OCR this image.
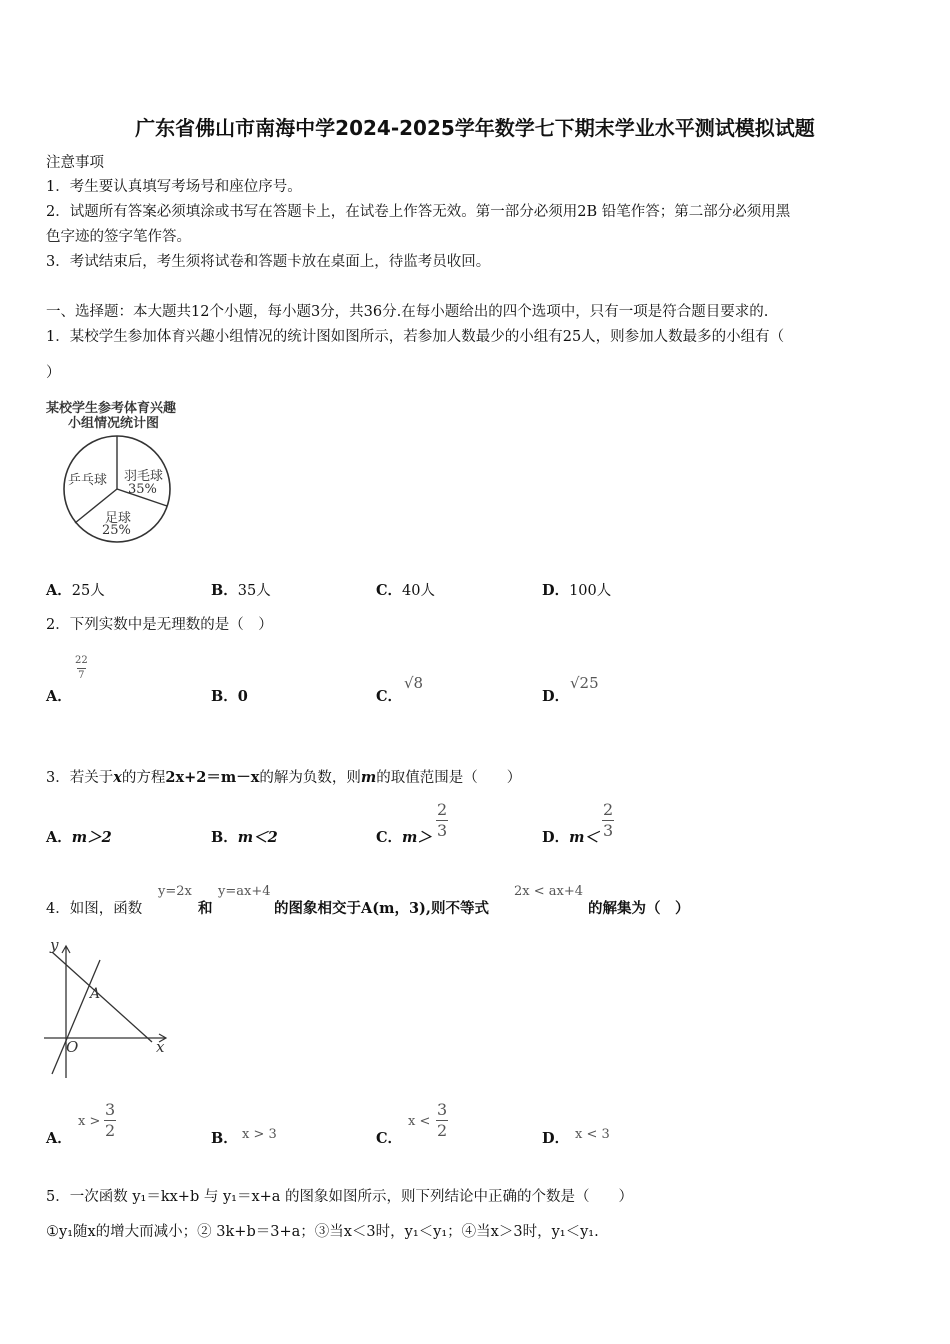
广东省佛山市南海中学2024-2025学年数学七下期末学业水平测试模拟试题
注意事项
1．考生要认真填写考场号和座位序号。
2．试题所有答案必须填涂或书写在答题卡上，在试卷上作答无效。第一部分必须用2B 铅笔作答；第二部分必须用黑
色字迹的签字笔作答。
3．考试结束后，考生须将试卷和答题卡放在桌面上，待监考员收回。
一、选择题：本大题共12个小题，每小题3分，共36分.在每小题给出的四个选项中，只有一项是符合题目要求的.
1．某校学生参加体育兴趣小组情况的统计图如图所示，若参加人数最少的小组有25人，则参加人数最多的小组有（
）
某校学生参考体育兴趣
小组情况统计图
乒乓球 羽毛球
35%
足球
25%
A．25人	B．35人	C．40人	D．100人
2．下列实数中是无理数的是（　）
$\frac{22}{7}$
A．	B．0	C．
√8
D．
√25
3．若关于x的方程2x+2＝m－x的解为负数，则m的取值范围是（　　）
A．m＞2	B．m＜2	C．$m> \frac{2}{3}$	D．$m< \frac{2}{3}$
4．如图，函数
y=2x
和
y=ax+4
的图象相交于A(m，3),则不等式
2x < ax+4
的解集为（　）
y
x
A
O
A．
$x > \frac{3}{2}$	B． x > 3	C．
$x < \frac{3}{2}$	D． x < 3
5．一次函数 y₁＝kx+b 与 y₁＝x+a 的图象如图所示，则下列结论中正确的个数是（　　）
①y₁随x的增大而减小；② 3k+b＝3+a；③当x＜3时，y₁＜y₁；④当x＞3时，y₁＜y₁.
